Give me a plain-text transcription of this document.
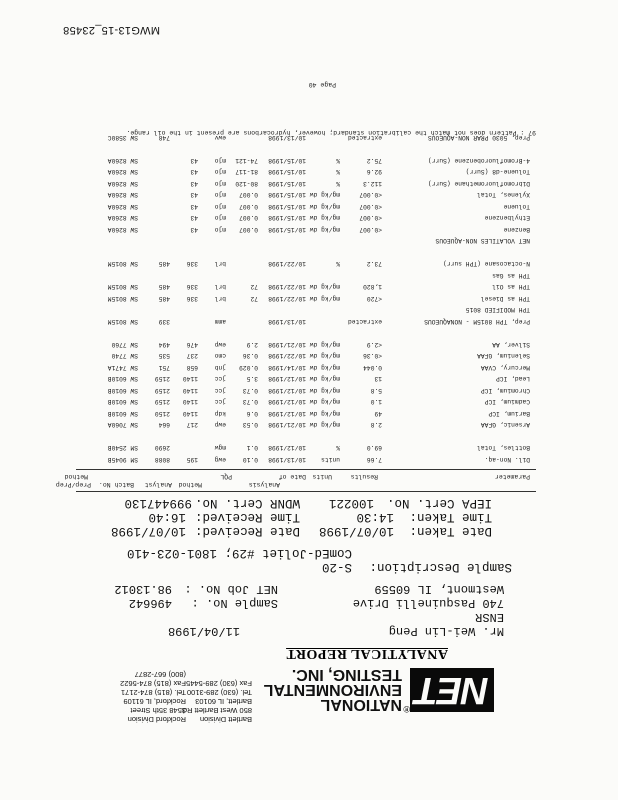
NET
®
NATIONAL
ENVIRONMENTAL
TESTING, INC.
Bartlett Division
850 West Bartlett Rd.
Bartlett, IL 60103
Tel. (630) 289-3100
Fax (630) 289-5445
Rockford Division
3548 35th Street
Rockford, IL 61109
Tel. (815) 874-2171
Fax (815) 874-5622
(800) 667-2877
ANALYTICAL REPORT
Mr. Wei-Lin Peng
11/04/1998
ENSR
740 Pasquinelli Drive
Westmont, IL 60559
Sample No. :
496642
NET Job No. :
98.13012
Sample Description:
S-20
ComEd-Joliet #29; 1801-023-410
Date Taken:
10/07/1998
Time Taken:
14:30
IEPA Cert. No.
100221
Date Received:
10/07/1998
Time Received:
16:40
WDNR Cert. No.
999447130
Analysis
Method
Analyst
Batch No.
Prep/Prep
Parameter
Results
Units
Date of
PQL
Method
Dil. Non-aq.
7.66
units
10/13/1998
0.10
ewg
195
8088
SM 9045B
Bottles, Total
69.0
%
10/12/1998
0.1
mgw
2690
SM 2540B
Arsenic, GFAA
2.8
mg/kg dw
10/21/1998
0.53
ewp
217
664
SW 7060A
Barium, ICP
49
mg/kg dw
10/12/1998
0.6
kdp
1140
2150
SW 6010B
Cadmium, ICP
1.0
mg/kg dw
10/12/1998
0.73
jcc
1140
2159
SW 6010B
Chromium, ICP
5.8
mg/kg dw
10/12/1998
0.73
jcc
1140
2159
SW 6010B
Lead, ICP
13
mg/kg dw
10/12/1998
3.5
jcc
1140
2159
SW 6010B
Mercury, CVAA
0.044
mg/kg dw
10/14/1998
0.029
jnb
658
751
SW 7471A
Selenium, GFAA
<0.36
mg/kg dw
10/22/1998
0.36
cmo
237
535
SW 7740
Silver, AA
<2.9
mg/kg dw
10/21/1998
2.9
ewp
476
494
SW 7760
Prep, TPH 8015M - NONAQUEOUS
extracted
10/13/1998
amm
339
SW 8015M
TPH MODIFIED 8015
TPH as Diesel
<720
mg/kg dw
10/22/1998
72
brl
336
485
SW 8015M
TPH as Oil
1,820
mg/kg dw
10/22/1998
72
brl
336
485
SW 8015M
TPH as Gas
N-octacosane (TPH surr)
73.2
%
10/22/1998
brl
336
485
SW 8015M
NET VOLATILES NON-AQUEOUS
Benzene
<0.007
mg/kg dw
10/15/1998
0.007
mjo
43
SW 8260A
Ethylbenzene
<0.007
mg/kg dw
10/15/1998
0.007
mjo
43
SW 8260A
Toluene
<0.007
mg/kg dw
10/15/1998
0.007
mjo
43
SW 8260A
Xylenes, Total
<0.007
mg/kg dw
10/15/1998
0.007
mjo
43
SW 8260A
Dibromofluoromethane (Surr)
112.3
%
10/15/1998
80-120
mjo
43
SW 8260A
Toluene-d8 (Surr)
92.6
%
10/15/1998
81-117
mjo
43
SW 8260A
4-Bromofluorobenzene (Surr)
75.2
%
10/15/1998
74-121
mjo
43
SW 8260A
Prep, 5030 PRAR NON-AQUEOUS
extracted
10/13/1998
ewv
748
SW 3580C
97 : Pattern does not match the calibration standard; however, hydrocarbons are present in the oil range.
Page 40
MWG13-15_23458
